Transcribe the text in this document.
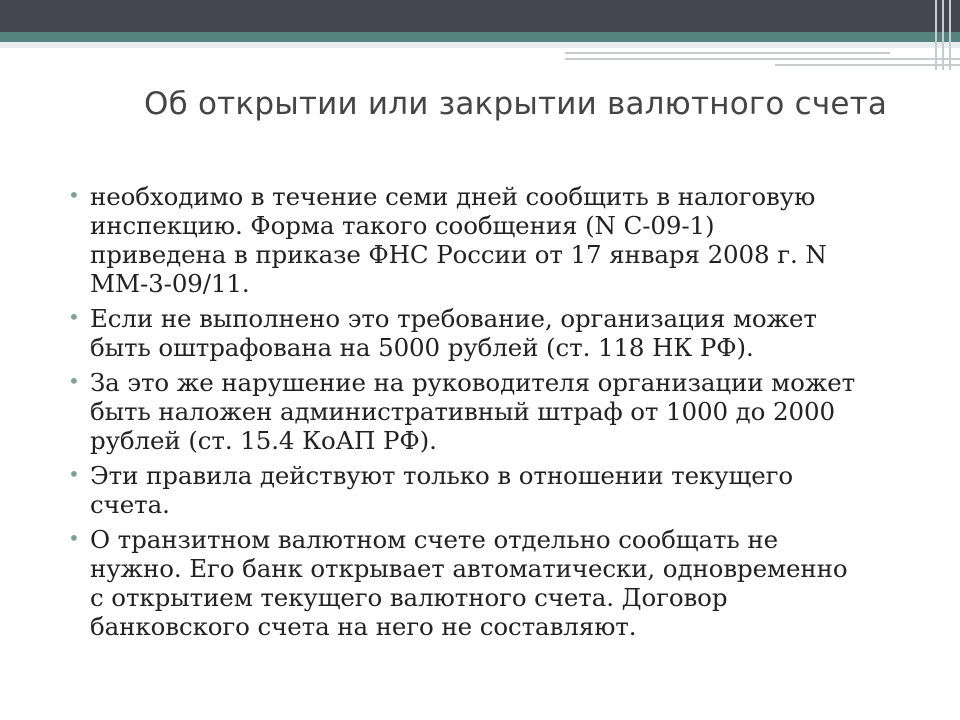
Об открытии или закрытии валютного счета
• необходимо в течение семи дней сообщить в налоговую
инспекцию. Форма такого сообщения (N С-09-1)
приведена в приказе ФНС России от 17 января 2008 г. N
ММ-3-09/11.
• Если не выполнено это требование, организация может
быть оштрафована на 5000 рублей (ст. 118 НК РФ).
• За это же нарушение на руководителя организации может
быть наложен административный штраф от 1000 до 2000
рублей (ст. 15.4 КоАП РФ).
• Эти правила действуют только в отношении текущего
счета.
• О транзитном валютном счете отдельно сообщать не
нужно. Его банк открывает автоматически, одновременно
с открытием текущего валютного счета. Договор
банковского счета на него не составляют.
